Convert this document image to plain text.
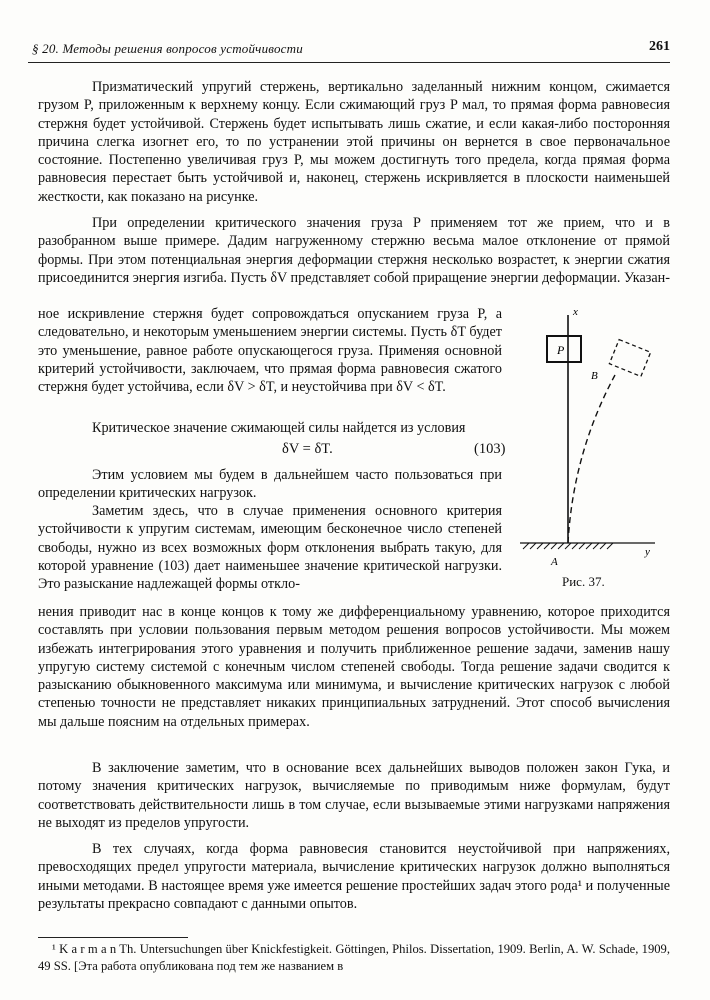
§ 20. Методы решения вопросов устойчивости	261

Призматический упругий стержень, вертикально заделанный нижним концом, сжимается грузом P, приложенным к верхнему концу. Если сжимающий груз P мал, то прямая форма равновесия стержня будет устойчивой. Стержень будет испытывать лишь сжатие, и если какая-либо посторонняя причина слегка изогнет его, то по устранении этой причины он вернется в свое первоначальное состояние. Постепенно увеличивая груз P, мы можем достигнуть того предела, когда прямая форма равновесия перестает быть устойчивой и, наконец, стержень искривляется в плоскости наименьшей жесткости, как показано на рисунке.

При определении критического значения груза P применяем тот же прием, что и в разобранном выше примере. Дадим нагруженному стержню весьма малое отклонение от прямой формы. При этом потенциальная энергия деформации стержня несколько возрастет, к энергии сжатия присоединится энергия изгиба. Пусть δV представляет собой приращение энергии деформации. Указан-

ное искривление стержня будет сопровождаться опусканием груза P, а следовательно, и некоторым уменьшением энергии системы. Пусть δT будет это уменьшение, равное работе опускающегося груза. Применяя основной критерий устойчивости, заключаем, что прямая форма равновесия сжатого стержня будет устойчива, если δV > δT, и неустойчива при δV < δT.

Критическое значение сжимающей силы найдется из условия

δV = δT.	(103)

Этим условием мы будем в дальнейшем часто пользоваться при определении критических нагрузок.

Заметим здесь, что в случае применения основного критерия устойчивости к упругим системам, имеющим бесконечное число степеней свободы, нужно из всех возможных форм отклонения выбрать такую, для которой уравнение (103) дает наименьшее значение критической нагрузки. Это разыскание надлежащей формы откло-

нения приводит нас в конце концов к тому же дифференциальному уравнению, которое приходится составлять при условии пользования первым методом решения вопросов устойчивости. Мы можем избежать интегрирования этого уравнения и получить приближенное решение задачи, заменив нашу упругую систему системой с конечным числом степеней свободы. Тогда решение задачи сводится к разысканию обыкновенного максимума или минимума, и вычисление критических нагрузок с любой степенью точности не представляет никаких принципиальных затруднений. Этот способ вычисления мы дальше поясним на отдельных примерах.

В заключение заметим, что в основание всех дальнейших выводов положен закон Гука, и потому значения критических нагрузок, вычисляемые по приводимым ниже формулам, будут соответствовать действительности лишь в том случае, если вызываемые этими нагрузками напряжения не выходят из пределов упругости.

В тех случаях, когда форма равновесия становится неустойчивой при напряжениях, превосходящих предел упругости материала, вычисление критических нагрузок должно выполняться иными методами. В настоящее время уже имеется решение простейших задач этого рода¹ и полученные результаты прекрасно совпадают с данными опытов.

¹ K a r m a n Th. Untersuchungen über Knickfestigkeit. Göttingen, Philos. Dissertation, 1909. Berlin, A. W. Schade, 1909, 49 SS. [Эта работа опубликована под тем же названием в

x
P
B
A
y
Рис. 37.
